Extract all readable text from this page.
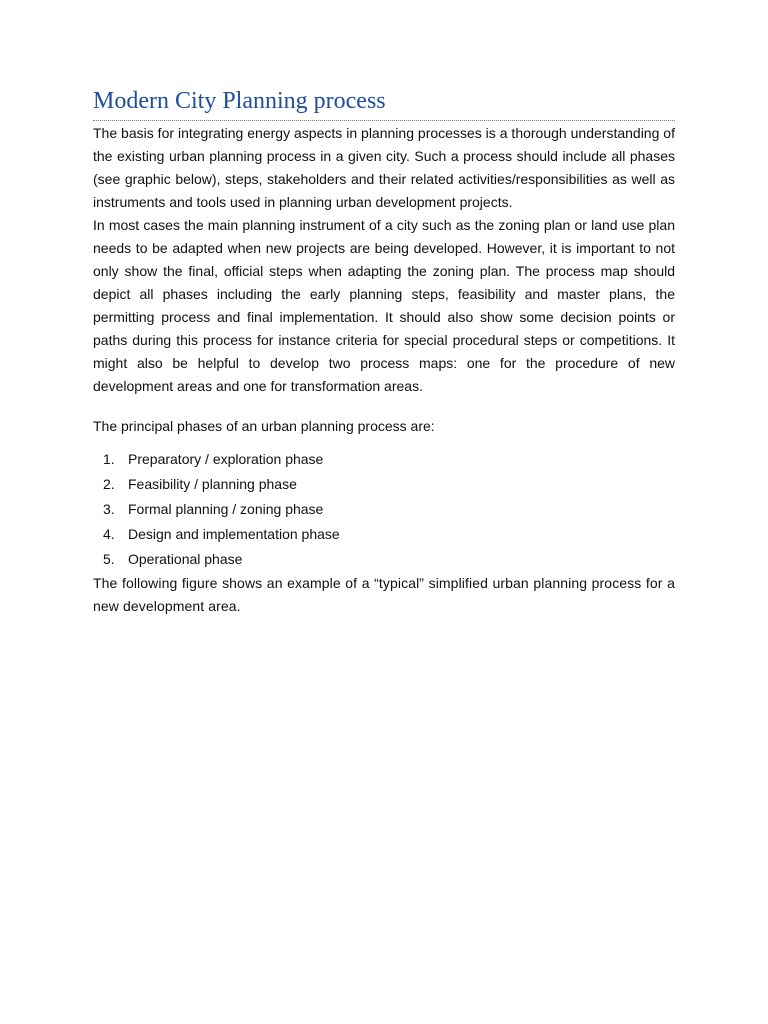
Modern City Planning process

The basis for integrating energy aspects in planning processes is a thorough understanding of the existing urban planning process in a given city. Such a process should include all phases (see graphic below), steps, stakeholders and their related activities/responsibilities as well as instruments and tools used in planning urban development projects.

In most cases the main planning instrument of a city such as the zoning plan or land use plan needs to be adapted when new projects are being developed. However, it is important to not only show the final, official steps when adapting the zoning plan. The process map should depict all phases including the early planning steps, feasibility and master plans, the permitting process and final implementation. It should also show some decision points or paths during this process for instance criteria for special procedural steps or competitions. It might also be helpful to develop two process maps: one for the procedure of new development areas and one for transformation areas.

The principal phases of an urban planning process are:

1. Preparatory / exploration phase
2. Feasibility / planning phase
3. Formal planning / zoning phase
4. Design and implementation phase
5. Operational phase

The following figure shows an example of a “typical” simplified urban planning process for a new development area.
